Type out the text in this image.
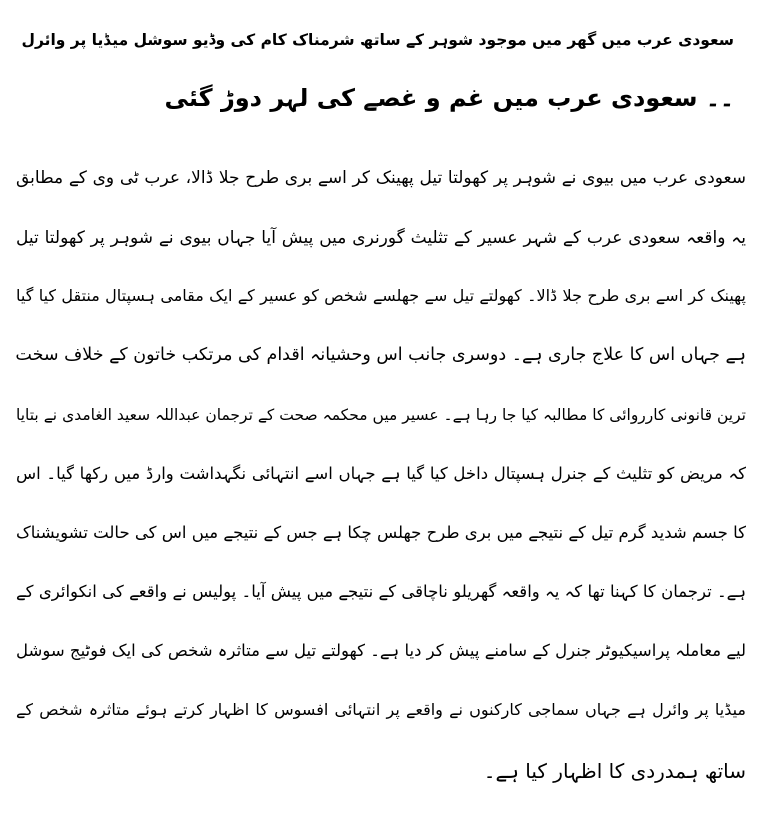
سعودی عرب میں گھر میں موجود شوہر کے ساتھ شرمناک کام کی وڈیو سوشل میڈیا پر وائرل
۔۔ سعودی عرب میں غم و غصے کی لہر دوڑ گئی
سعودی عرب میں بیوی نے شوہر پر کھولتا تیل پھینک کر اسے بری طرح جلا ڈالا، عرب ٹی وی کے مطابق
یہ واقعہ سعودی عرب کے شہر عسیر کے تثلیث گورنری میں پیش آیا جہاں بیوی نے شوہر پر کھولتا تیل
پھینک کر اسے بری طرح جلا ڈالا۔ کھولتے تیل سے جھلسے شخص کو عسیر کے ایک مقامی ہسپتال منتقل کیا گیا
ہے جہاں اس کا علاج جاری ہے۔ دوسری جانب اس وحشیانہ اقدام کی مرتکب خاتون کے خلاف سخت
ترین قانونی کارروائی کا مطالبہ کیا جا رہا ہے۔ عسیر میں محکمہ صحت کے ترجمان عبداللہ سعید الغامدی نے بتایا
کہ مریض کو تثلیث کے جنرل ہسپتال داخل کیا گیا ہے جہاں اسے انتہائی نگہداشت وارڈ میں رکھا گیا۔ اس
کا جسم شدید گرم تیل کے نتیجے میں بری طرح جھلس چکا ہے جس کے نتیجے میں اس کی حالت تشویشناک
ہے۔ ترجمان کا کہنا تھا کہ یہ واقعہ گھریلو ناچاقی کے نتیجے میں پیش آیا۔ پولیس نے واقعے کی انکوائری کے
لیے معاملہ پراسیکیوٹر جنرل کے سامنے پیش کر دیا ہے۔ کھولتے تیل سے متاثرہ شخص کی ایک فوٹیج سوشل
میڈیا پر وائرل ہے جہاں سماجی کارکنوں نے واقعے پر انتہائی افسوس کا اظہار کرتے ہوئے متاثرہ شخص کے
ساتھ ہمدردی کا اظہار کیا ہے۔
